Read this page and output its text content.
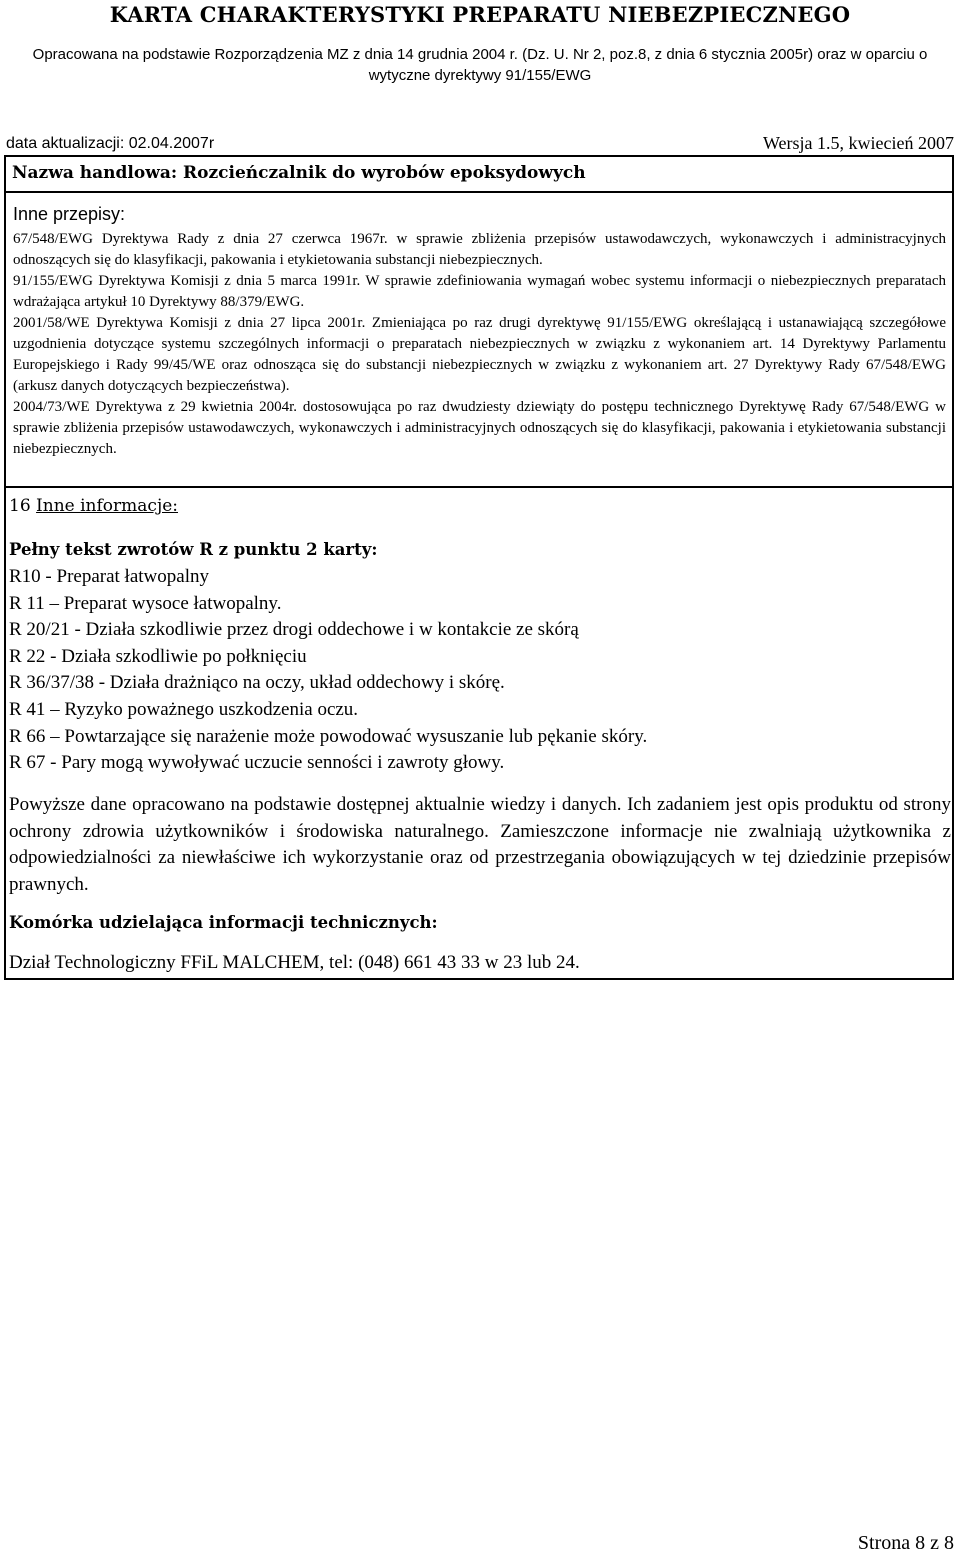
KARTA CHARAKTERYSTYKI PREPARATU NIEBEZPIECZNEGO
Opracowana na podstawie Rozporządzenia MZ z dnia 14 grudnia 2004 r. (Dz. U. Nr 2, poz.8, z dnia 6 stycznia 2005r) oraz w oparciu o
wytyczne dyrektywy 91/155/EWG
data aktualizacji: 02.04.2007r	Wersja 1.5, kwiecień 2007
Nazwa handlowa: Rozcieńczalnik do wyrobów epoksydowych
Inne przepisy:

67/548/EWG Dyrektywa Rady z dnia 27 czerwca 1967r. w sprawie zbliżenia przepisów ustawodawczych, wykonawczych i administracyjnych odnoszących się do klasyfikacji, pakowania i etykietowania substancji niebezpiecznych.

91/155/EWG Dyrektywa Komisji z dnia 5 marca 1991r. W sprawie zdefiniowania wymagań wobec systemu informacji o niebezpiecznych preparatach wdrażająca artykuł 10 Dyrektywy 88/379/EWG.

2001/58/WE Dyrektywa Komisji z dnia 27 lipca 2001r. Zmieniająca po raz drugi dyrektywę 91/155/EWG określającą i ustanawiającą szczegółowe uzgodnienia dotyczące systemu szczególnych informacji o preparatach niebezpiecznych w związku z wykonaniem art. 14 Dyrektywy Parlamentu Europejskiego i Rady 99/45/WE oraz odnosząca się do substancji niebezpiecznych w związku z wykonaniem art. 27 Dyrektywy Rady 67/548/EWG (arkusz danych dotyczących bezpieczeństwa).

2004/73/WE Dyrektywa z 29 kwietnia 2004r. dostosowująca po raz dwudziesty dziewiąty do postępu technicznego Dyrektywę Rady 67/548/EWG w sprawie zbliżenia przepisów ustawodawczych, wykonawczych i administracyjnych odnoszących się do klasyfikacji, pakowania i etykietowania substancji niebezpiecznych.

16 Inne informacje:
Pełny tekst zwrotów R z punktu 2 karty:
R10 - Preparat łatwopalny
R 11 – Preparat wysoce łatwopalny.
R 20/21 - Działa szkodliwie przez drogi oddechowe i w kontakcie ze skórą
R 22 - Działa szkodliwie po połknięciu
R 36/37/38 - Działa drażniąco na oczy, układ oddechowy i skórę.
R 41 – Ryzyko poważnego uszkodzenia oczu.
R 66 – Powtarzające się narażenie może powodować wysuszanie lub pękanie skóry.
R 67 - Pary mogą wywoływać uczucie senności i zawroty głowy.
Powyższe dane opracowano na podstawie dostępnej aktualnie wiedzy i danych. Ich zadaniem jest opis produktu od strony ochrony zdrowia użytkowników i środowiska naturalnego. Zamieszczone informacje nie zwalniają użytkownika z odpowiedzialności za niewłaściwe ich wykorzystanie oraz od przestrzegania obowiązujących w tej dziedzinie przepisów prawnych.
Komórka udzielająca informacji technicznych:
Dział Technologiczny FFiL MALCHEM, tel: (048) 661 43 33 w 23 lub 24.
Strona 8 z 8
